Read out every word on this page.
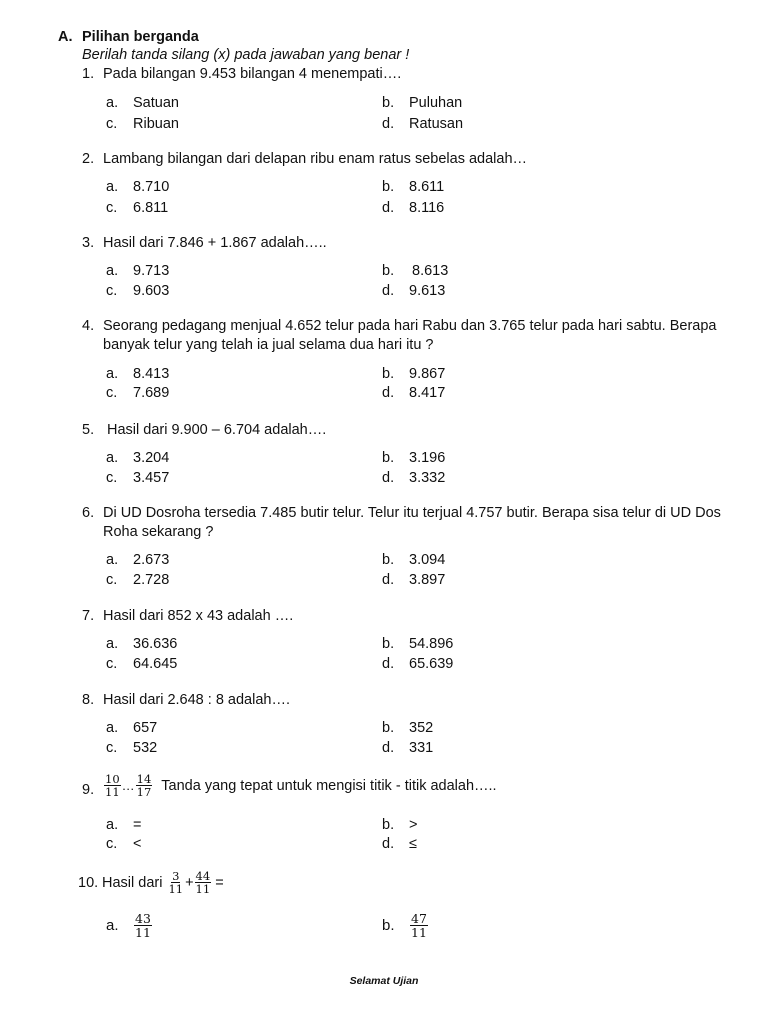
A. Pilihan berganda
Berilah tanda silang (x) pada jawaban yang benar !
1. Pada bilangan 9.453 bilangan 4 menempati….
a. Satuan	b. Puluhan
c. Ribuan	d. Ratusan
2. Lambang bilangan dari delapan ribu enam ratus sebelas adalah…
a. 8.710	b. 8.611
c. 6.811	d. 8.116
3. Hasil dari 7.846 + 1.867 adalah…..
a. 9.713	b. 8.613
c. 9.603	d. 9.613
4. Seorang pedagang menjual 4.652 telur pada hari Rabu dan 3.765 telur pada hari sabtu. Berapa
banyak telur yang telah ia jual selama dua hari itu ?
a. 8.413	b. 9.867
c. 7.689	d. 8.417
5. Hasil dari 9.900 – 6.704 adalah….
a. 3.204	b. 3.196
c. 3.457	d. 3.332
6. Di UD Dosroha tersedia 7.485 butir telur. Telur itu terjual 4.757 butir. Berapa sisa telur di UD Dos
Roha sekarang ?
a. 2.673	b. 3.094
c. 2.728	d. 3.897
7. Hasil dari 852 x 43 adalah ….
a. 36.636	b. 54.896
c. 64.645	d. 65.639
8. Hasil dari 2.648 : 8 adalah….
a. 657	b. 352
c. 532	d. 331
9. $\frac{10}{11}$ … $\frac{14}{17}$ Tanda yang tepat untuk mengisi titik - titik adalah…..
a. =	b. >
c. <	d. ≤
10. Hasil dari $\frac{3}{11} + \frac{44}{11}$ =
a.	$\frac{43}{11}$	b.	$\frac{47}{11}$
Selamat Ujian
